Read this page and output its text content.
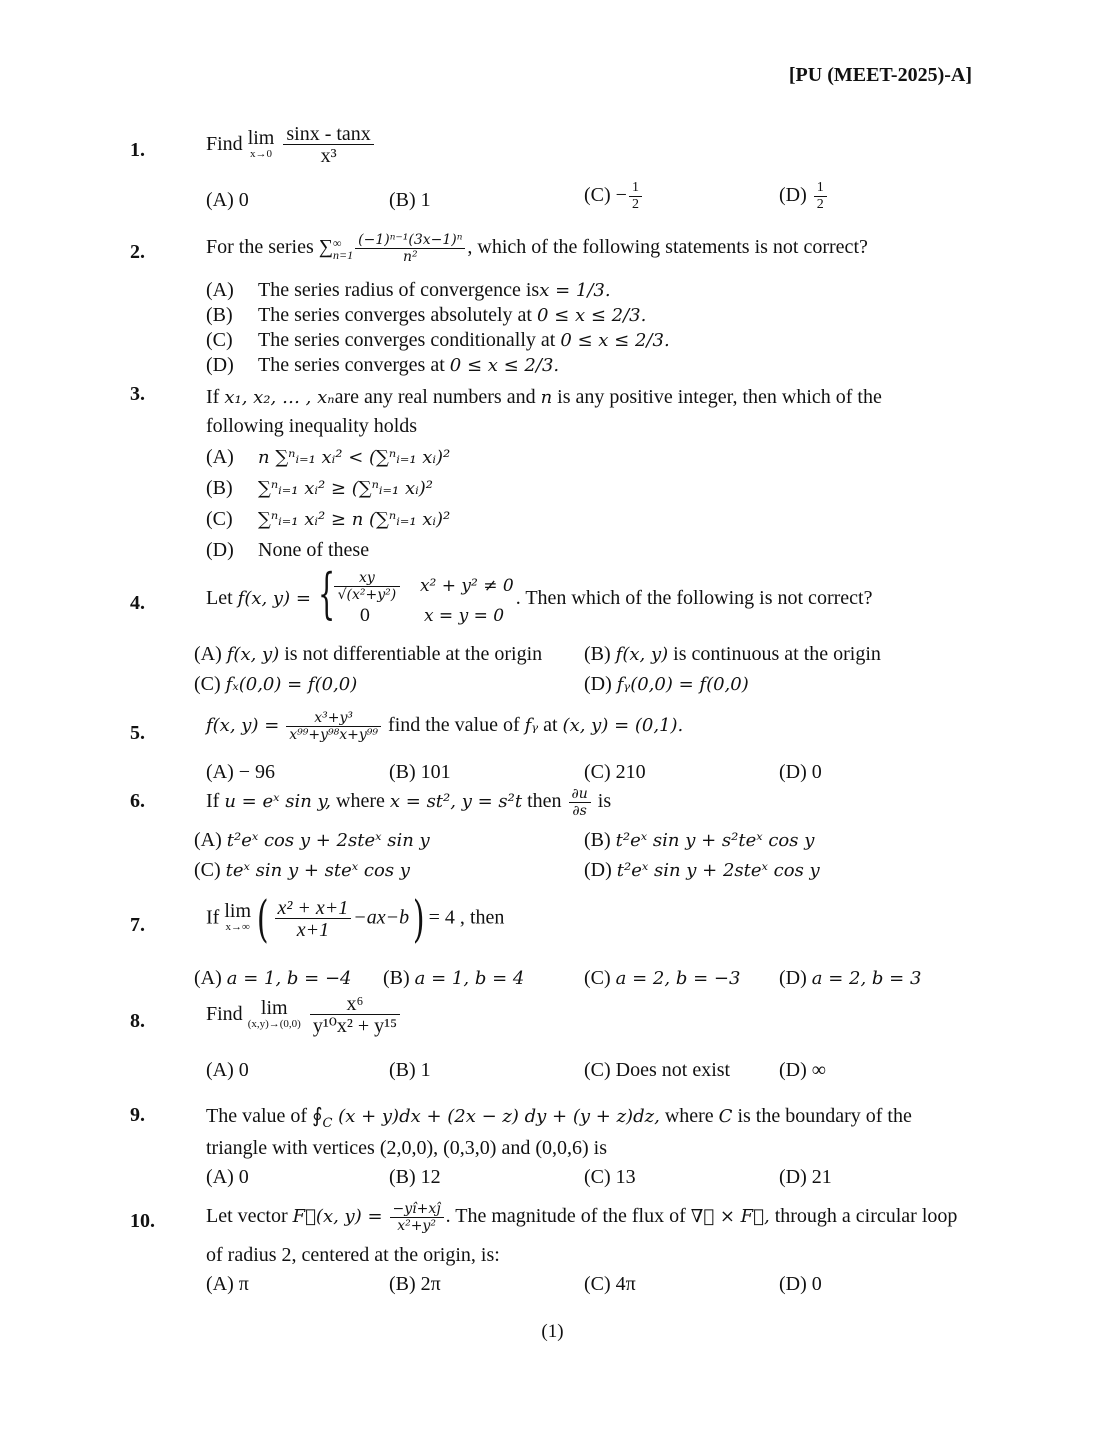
[PU (MEET-2025)-A]
1.	Find lim
x→0
$\frac{\sin x - \tan x}{\text{x³}}$
(A) 0	(B) 1	$(C) - \frac{1}{2}$	$(D) \frac{1}{2}$
2.	For the series ∑ ∞
$n=1 \frac{\text{(−1)ⁿ⁻¹(3x−1)ⁿ}}{\text{n²}}$ , which of the following statements is not correct?
(A) The series radius of convergence isx = 1/3.
(B) The series converges absolutely at 0 ≤ x ≤ 2/3.
(C) The series converges conditionally at 0 ≤ x ≤ 2/3.
(D) The series converges at 0 ≤ x ≤ 2/3.
3.	If x₁, x₂, … , xₙare any real numbers and n is any positive integer, then which of the
following inequality holds
(A) n ∑ⁿᵢ₌₁ xᵢ² < (∑ⁿᵢ₌₁ xᵢ)²
(B) ∑ⁿᵢ₌₁ xᵢ² ≥ (∑ⁿᵢ₌₁ xᵢ)²
(C) ∑ⁿᵢ₌₁ xᵢ² ≥ n (∑ⁿᵢ₌₁ xᵢ)²
(D) None of these
4.	Let f(x, y) = {
$\frac{xy}{\text{√(x²+y²)}} x^2 + y^2 \ne 0$
0	x = y = 0
. Then which of the following is not correct?
(A) f(x, y) is not differentiable at the origin (B) f(x, y) is continuous at the origin
(C) fₓ(0,0) = f(0,0)	(D) fᵧ(0,0) = f(0,0)
5.	f(x, $y) = \frac{\text{x³+y³}}{\text{x⁹⁹+y⁹⁸x+y⁹⁹}}$ find the value of fᵧ at (x, y) = (0,1).
(A) − 96	(B) 101	(C) 210	(D) 0
6.	If u = eˣ sin y, where x = st², y = s²t then $\frac{\partial u}{\partial s}$ is
(A) t²eˣ cos y + 2steˣ sin y	(B) t²eˣ sin y + s²teˣ cos y
(C) teˣ sin y + steˣ cos y	(D) t²eˣ sin y + 2steˣ cos y
7.	If lim
x→∞ ( $\frac{\text{x² + x+1}}{x+1} -ax-b) = 4$ , then
(A) a = 1, b = −4 (B) a = 1, b = 4	(C) a = 2, b = −3 (D) a = 2, b = 3
8.	Find lim
(x,y)→(0,0)
$\frac{\text{x⁶}}{\text{y¹⁰x² + y¹⁵}}$
(A) 0	(B) 1	(C) Does not exist (D) ∞
9.	The value of $∮_C$ (x + y)dx + (2x − z) dy + (y + z)dz, where C is the boundary of the
triangle with vertices (2,0,0), (0,3,0) and (0,0,6) is
(A) 0	(B) 12	(C) 13	(D) 21
10.	Let vector F⃗(x, $y) = \frac{-yî+xĵ}{\text{x²+y²}}$ . The magnitude of the flux of ∇⃗ × F⃗, through a circular loop
of radius 2, centered at the origin, is:
(A) π	(B) 2π	(C) 4π	(D) 0
(1)
